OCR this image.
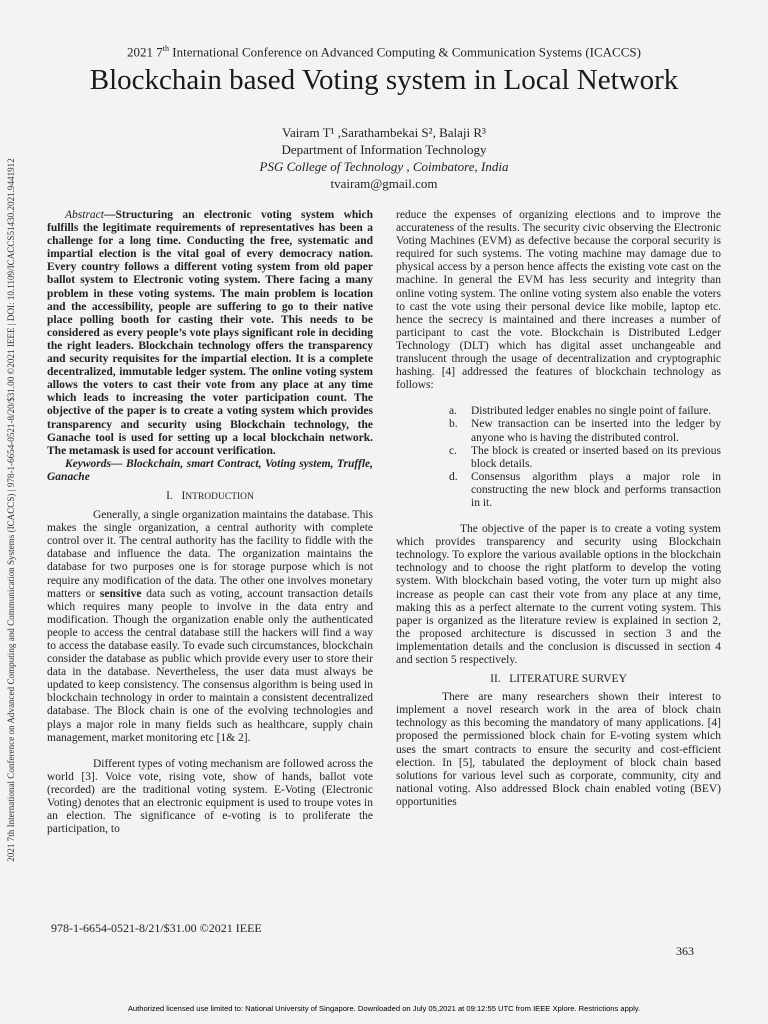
2021 7th International Conference on Advanced Computing and Communication Systems (ICACCS) | 978-1-6654-0521-8/20/$31.00 ©2021 IEEE | DOI: 10.1109/ICACCS51430.2021.9441912
2021 7th International Conference on Advanced Computing & Communication Systems (ICACCS)
Blockchain based Voting system in Local Network
Vairam T¹ ,Sarathambekai S², Balaji R³
Department of Information Technology
PSG College of Technology , Coimbatore, India
tvairam@gmail.com

Abstract—Structuring an electronic voting system which fulfills the legitimate requirements of representatives has been a challenge for a long time. Conducting the free, systematic and impartial election is the vital goal of every democracy nation. Every country follows a different voting system from old paper ballot system to Electronic voting system. There facing a many problem in these voting systems. The main problem is location and the accessibility, people are suffering to go to their native place polling booth for casting their vote. This needs to be considered as every people’s vote plays significant role in deciding the right leaders. Blockchain technology offers the transparency and security requisites for the impartial election. It is a complete decentralized, immutable ledger system. The online voting system allows the voters to cast their vote from any place at any time which leads to increasing the voter participation count. The objective of the paper is to create a voting system which provides transparency and security using Blockchain technology, the Ganache tool is used for setting up a local blockchain network. The metamask is used for account verification.

Keywords— Blockchain, smart Contract, Voting system, Truffle, Ganache

I. INTRODUCTION

Generally, a single organization maintains the database. This makes the single organization, a central authority with complete control over it. The central authority has the facility to fiddle with the database and influence the data. The organization maintains the database for two purposes one is for storage purpose which is not require any modification of the data. The other one involves monetary matters or sensitive data such as voting, account transaction details which requires many people to involve in the data entry and modification. Though the organization enable only the authenticated people to access the central database still the hackers will find a way to access the database easily. To evade such circumstances, blockchain consider the database as public which provide every user to store their data in the database. Nevertheless, the user data must always be updated to keep consistency. The consensus algorithm is being used in blockchain technology in order to maintain a consistent decentralized database. The Block chain is one of the evolving technologies and plays a major role in many fields such as healthcare, supply chain management, market monitoring etc [1& 2].

Different types of voting mechanism are followed across the world [3]. Voice vote, rising vote, show of hands, ballot vote (recorded) are the traditional voting system. E-Voting (Electronic Voting) denotes that an electronic equipment is used to troupe votes in an election. The significance of e-voting is to proliferate the participation, to

reduce the expenses of organizing elections and to improve the accurateness of the results. The security civic observing the Electronic Voting Machines (EVM) as defective because the corporal security is required for such systems. The voting machine may damage due to physical access by a person hence affects the existing vote cast on the machine. In general the EVM has less security and integrity than online voting system. The online voting system also enable the voters to cast the vote using their personal device like mobile, laptop etc. hence the secrecy is maintained and there increases a number of participant to cast the vote. Blockchain is Distributed Ledger Technology (DLT) which has digital asset unchangeable and translucent through the usage of decentralization and cryptographic hashing. [4] addressed the features of blockchain technology as follows:

a. Distributed ledger enables no single point of failure.
b. New transaction can be inserted into the ledger by anyone who is having the distributed control.
c. The block is created or inserted based on its previous block details.
d. Consensus algorithm plays a major role in constructing the new block and performs transaction in it.

The objective of the paper is to create a voting system which provides transparency and security using Blockchain technology. To explore the various available options in the blockchain technology and to choose the right platform to develop the voting system. With blockchain based voting, the voter turn up might also increase as people can cast their vote from any place at any time, making this as a perfect alternate to the current voting system. This paper is organized as the literature review is explained in section 2, the proposed architecture is discussed in section 3 and the implementation details and the conclusion is discussed in section 4 and section 5 respectively.

II. LITERATURE SURVEY

There are many researchers shown their interest to implement a novel research work in the area of block chain technology as this becoming the mandatory of many applications. [4] proposed the permissioned block chain for E-voting system which uses the smart contracts to ensure the security and cost-efficient election. In [5], tabulated the deployment of block chain based solutions for various level such as corporate, community, city and national voting. Also addressed Block chain enabled voting (BEV) opportunities

978-1-6654-0521-8/21/$31.00 ©2021 IEEE
363
Authorized licensed use limited to: National University of Singapore. Downloaded on July 05,2021 at 09:12:55 UTC from IEEE Xplore. Restrictions apply.
